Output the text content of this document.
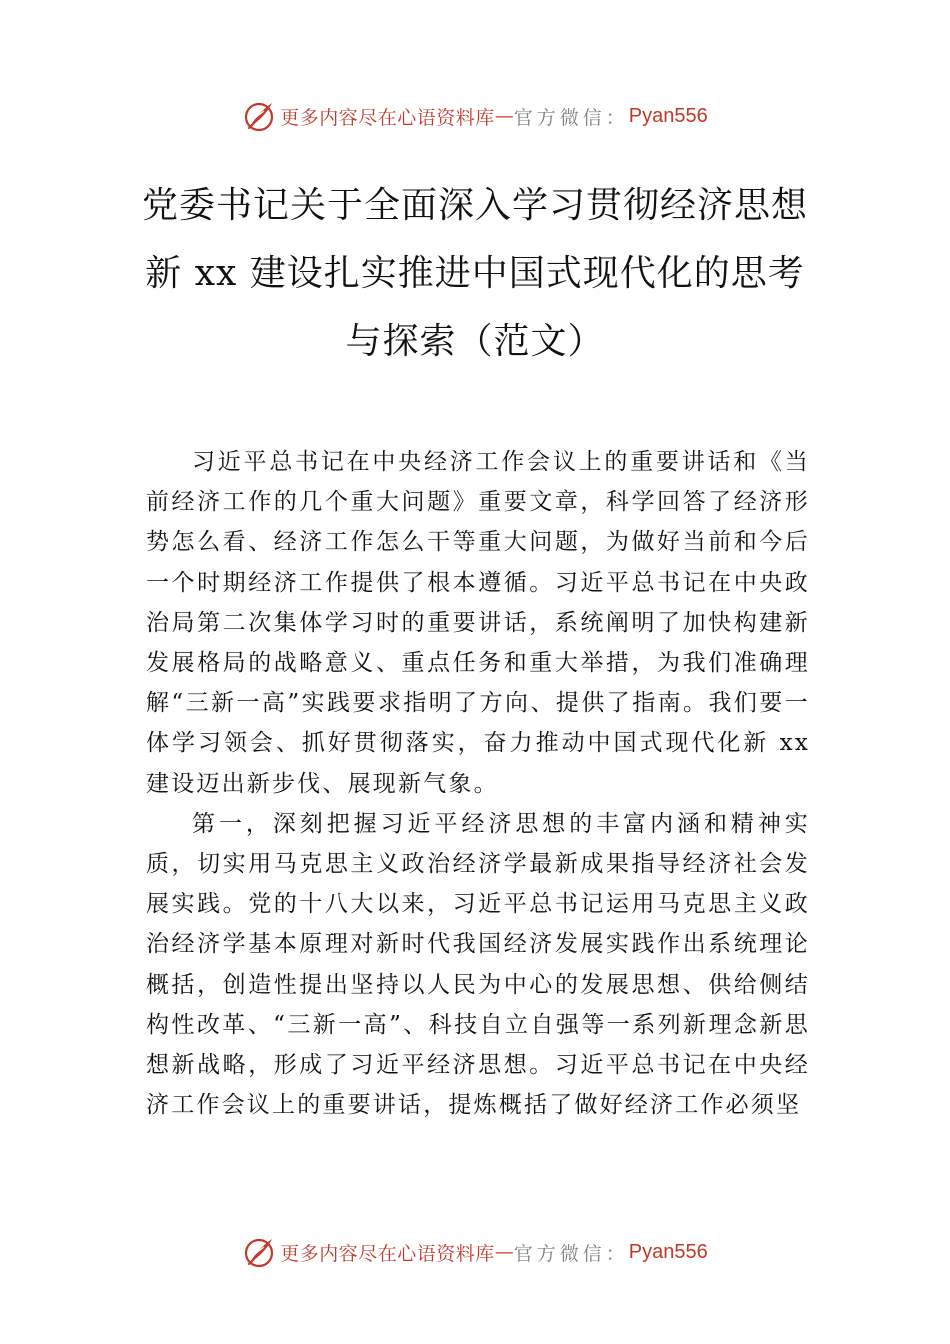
更多内容尽在心语资料库 — 官方微信： Pyan556
党委书记关于全面深入学习贯彻经济思想
新 xx 建设扎实推进中国式现代化的思考
与探索（范文）

习近平总书记在中央经济工作会议上的重要讲话和《当前经济工作的几个重大问题》重要文章，科学回答了经济形势怎么看、经济工作怎么干等重大问题，为做好当前和今后一个时期经济工作提供了根本遵循。习近平总书记在中央政治局第二次集体学习时的重要讲话，系统阐明了加快构建新发展格局的战略意义、重点任务和重大举措，为我们准确理解“三新一高”实践要求指明了方向、提供了指南。我们要一体学习领会、抓好贯彻落实，奋力推动中国式现代化新 xx 建设迈出新步伐、展现新气象。

第一，深刻把握习近平经济思想的丰富内涵和精神实质，切实用马克思主义政治经济学最新成果指导经济社会发展实践。党的十八大以来，习近平总书记运用马克思主义政治经济学基本原理对新时代我国经济发展实践作出系统理论概括，创造性提出坚持以人民为中心的发展思想、供给侧结构性改革、“三新一高”、科技自立自强等一系列新理念新思想新战略，形成了习近平经济思想。习近平总书记在中央经济工作会议上的重要讲话，提炼概括了做好经济工作必须坚

更多内容尽在心语资料库 — 官方微信： Pyan556
